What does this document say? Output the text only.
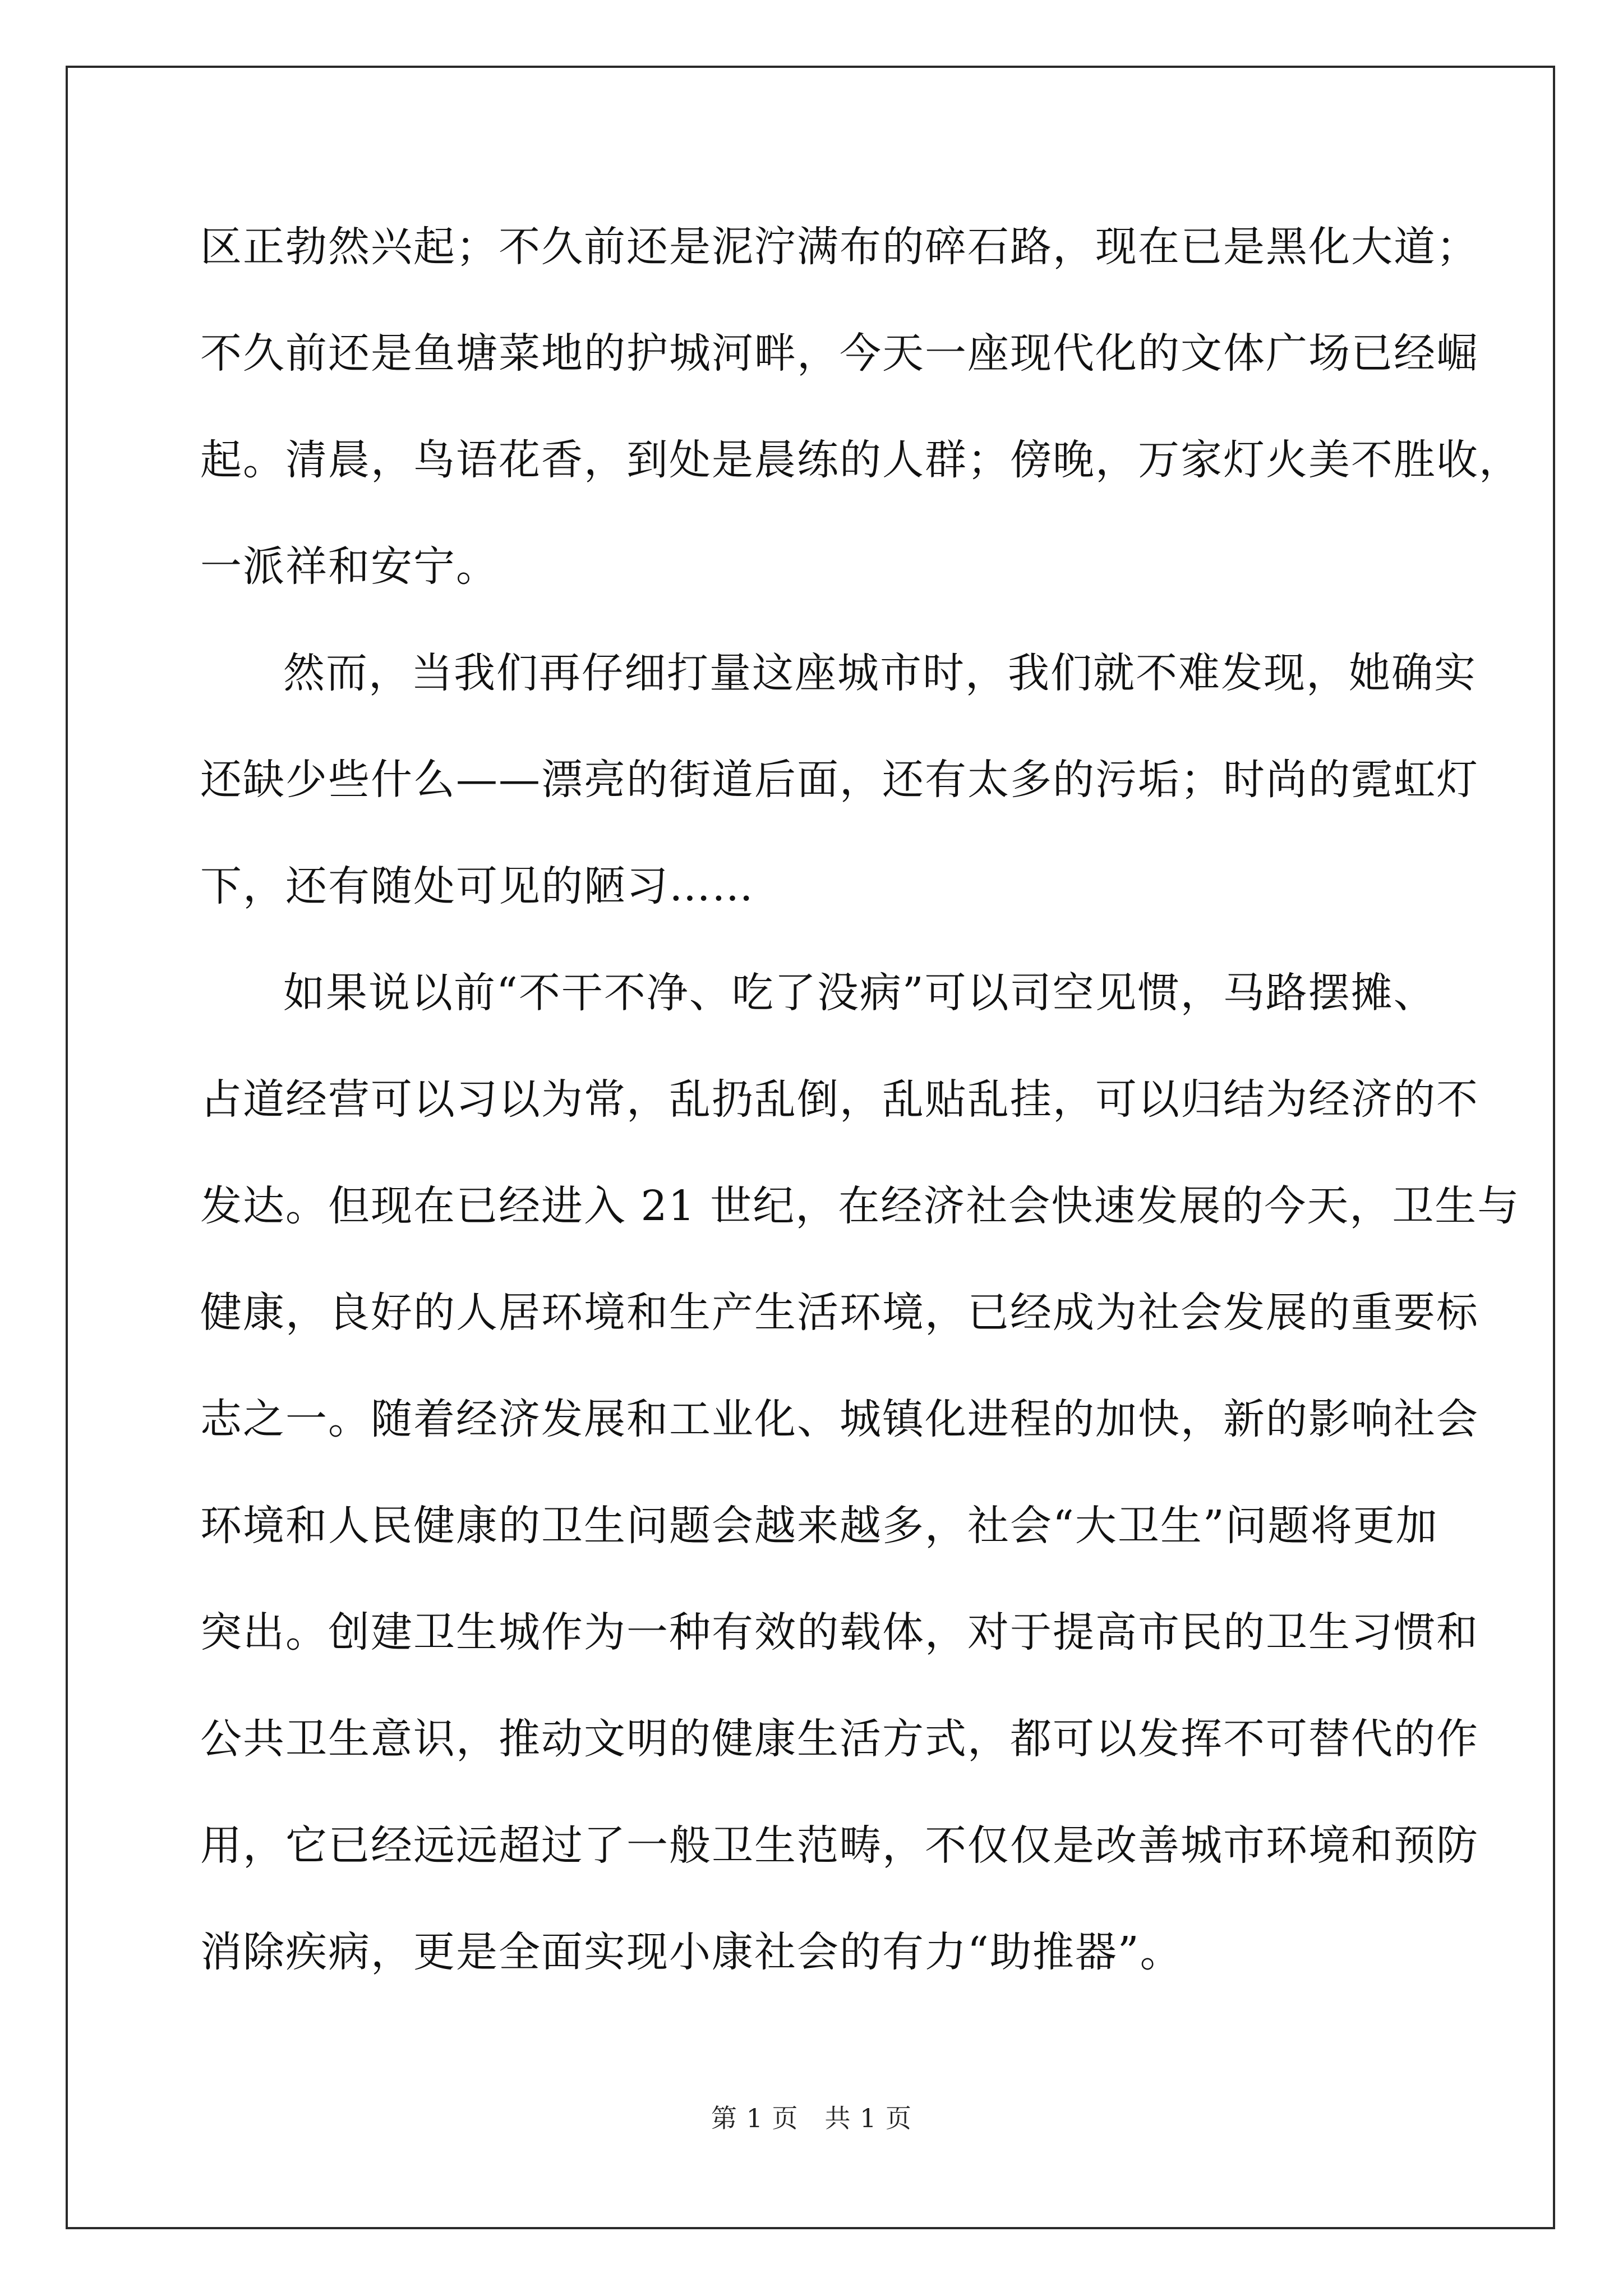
区正勃然兴起；不久前还是泥泞满布的碎石路，现在已是黑化大道；
不久前还是鱼塘菜地的护城河畔，今天一座现代化的文体广场已经崛
起。清晨，鸟语花香，到处是晨练的人群；傍晚，万家灯火美不胜收，
一派祥和安宁。
然而，当我们再仔细打量这座城市时，我们就不难发现，她确实
还缺少些什么——漂亮的街道后面，还有太多的污垢；时尚的霓虹灯
下，还有随处可见的陋习……
如果说以前“不干不净、吃了没病”可以司空见惯，马路摆摊、
占道经营可以习以为常，乱扔乱倒，乱贴乱挂，可以归结为经济的不
发达。但现在已经进入 21 世纪，在经济社会快速发展的今天，卫生与
健康，良好的人居环境和生产生活环境，已经成为社会发展的重要标
志之一。随着经济发展和工业化、城镇化进程的加快，新的影响社会
环境和人民健康的卫生问题会越来越多，社会“大卫生”问题将更加
突出。创建卫生城作为一种有效的载体，对于提高市民的卫生习惯和
公共卫生意识，推动文明的健康生活方式，都可以发挥不可替代的作
用，它已经远远超过了一般卫生范畴，不仅仅是改善城市环境和预防
消除疾病，更是全面实现小康社会的有力“助推器”。
第 1 页　共 1 页
